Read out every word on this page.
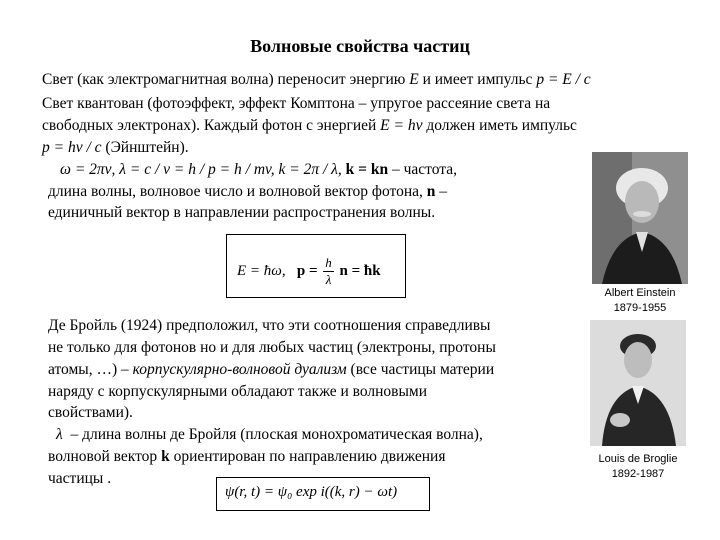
Волновые свойства частиц
Свет (как электромагнитная волна) переносит энергию E и имеет импульс p = E / c
Свет квантован (фотоэффект, эффект Комптона – упругое рассеяние света на
свободных электронах). Каждый фотон с энергией E = hν должен иметь импульс
p = hν / c (Эйнштейн).
ω = 2πν, λ = c / ν = h / p = h / mv, k = 2π / λ, k = kn – частота,
длина волны, волновое число и волновой вектор фотона, n –
единичный вектор в направлении распространения волны.
E = ħω, $p = \frac{h}{\lambda}$ n = ħk
Albert Einstein
1879-1955
Де Бройль (1924) предположил, что эти соотношения справедливы
не только для фотонов но и для любых частиц (электроны, протоны
атомы, …) – корпускулярно-волновой дуализм (все частицы материи
наряду с корпускулярными обладают также и волновыми
свойствами).
λ – длина волны де Бройля (плоская монохроматическая волна),
волновой вектор k ориентирован по направлению движения
частицы .
ψ(r, t) = ψ₀ exp i((k, r) − ωt)
Louis de Broglie
1892-1987
